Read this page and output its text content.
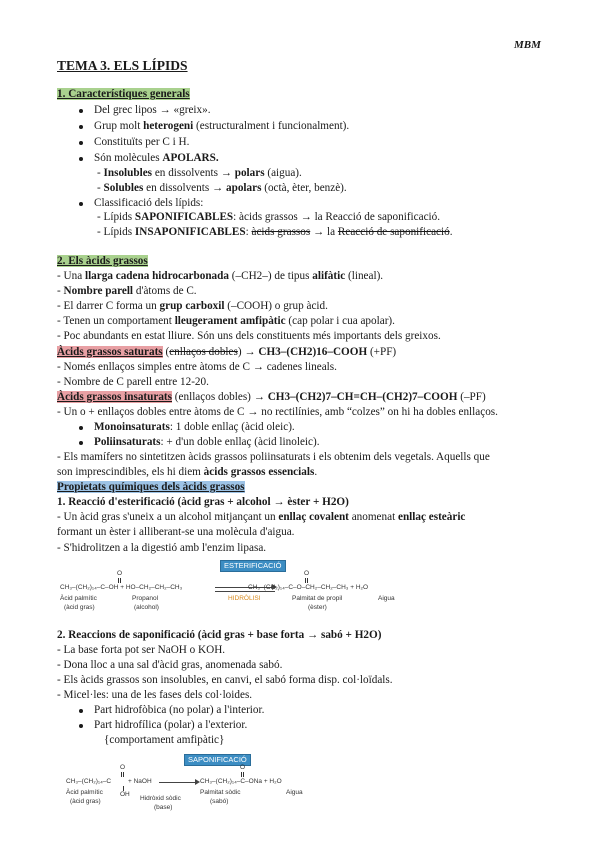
MBM
TEMA 3. ELS LÍPIDS
1. Característiques generals
Del grec lipos → «greix».
Grup molt heterogeni (estructuralment i funcionalment).
Constituïts per C i H.
Són molècules APOLARS.
- Insolubles en dissolvents → polars (aigua).
- Solubles en dissolvents → apolars (octà, èter, benzè).
Classificació dels lípids:
- Lípids SAPONIFICABLES: àcids grassos → la Reacció de saponificació.
- Lípids INSAPONIFICABLES: àcids grassos → la Reacció de saponificació.
2. Els àcids grassos
- Una llarga cadena hidrocarbonada (–CH2–) de tipus alifàtic (lineal).
- Nombre parell d'àtoms de C.
- El darrer C forma un grup carboxil (–COOH) o grup àcid.
- Tenen un comportament lleugerament amfipàtic (cap polar i cua apolar).
- Poc abundants en estat lliure. Són uns dels constituents més importants dels greixos.
Àcids grassos saturats (enllaços dobles) → CH3–(CH2)16–COOH (+PF)
- Només enllaços simples entre àtoms de C → cadenes lineals.
- Nombre de C parell entre 12-20.
Àcids grassos insaturats (enllaços dobles) → CH3–(CH2)7–CH=CH–(CH2)7–COOH (–PF)
- Un o + enllaços dobles entre àtoms de C → no rectilínies, amb “colzes” on hi ha dobles enllaços.
Monoinsaturats: 1 doble enllaç (àcid oleic).
Poliinsaturats: + d'un doble enllaç (àcid linoleic).
- Els mamífers no sintetitzen àcids grassos poliinsaturats i els obtenim dels vegetals. Aquells que
son imprescindibles, els hi diem àcids grassos essencials.
Propietats químiques dels àcids grassos
1. Reacció d'esterificació (àcid gras + alcohol → èster + H2O)
- Un àcid gras s'uneix a un alcohol mitjançant un enllaç covalent anomenat enllaç esteàric
formant un èster i alliberant-se una molècula d'aigua.
- S'hidrolitzen a la digestió amb l'enzim lipasa.
ESTERIFICACIÓ
O	O
CH₃–(CH₂)₁₄–C–OH + HO–CH₂–CH₂–CH₃	CH₃–(CH₂)₁₄–C–O–CH₂–CH₂–CH₃ + H₂O
Àcid palmític
(àcid gras)
Propanol
(alcohol)
HIDRÒLISI	Palmitat de propil
(èster)
Aigua
2. Reaccions de saponificació (àcid gras + base forta → sabó + H2O)
- La base forta pot ser NaOH o KOH.
- Dona lloc a una sal d'àcid gras, anomenada sabó.
- Els àcids grassos son insolubles, en canvi, el sabó forma disp. col·loïdals.
- Micel·les: una de les fases dels col·loides.
Part hidrofòbica (no polar) a l'interior.
Part hidrofílica (polar) a l'exterior.
{comportament amfipàtic}
SAPONIFICACIÓ
O	O
CH₃–(CH₂)₁₄–C	+ NaOH	CH₃–(CH₂)₁₄–C–ONa + H₂O
OH
Àcid palmític
(àcid gras)	Hidròxid sòdic
(base)
Palmitat sòdic
(sabó)
Aigua
